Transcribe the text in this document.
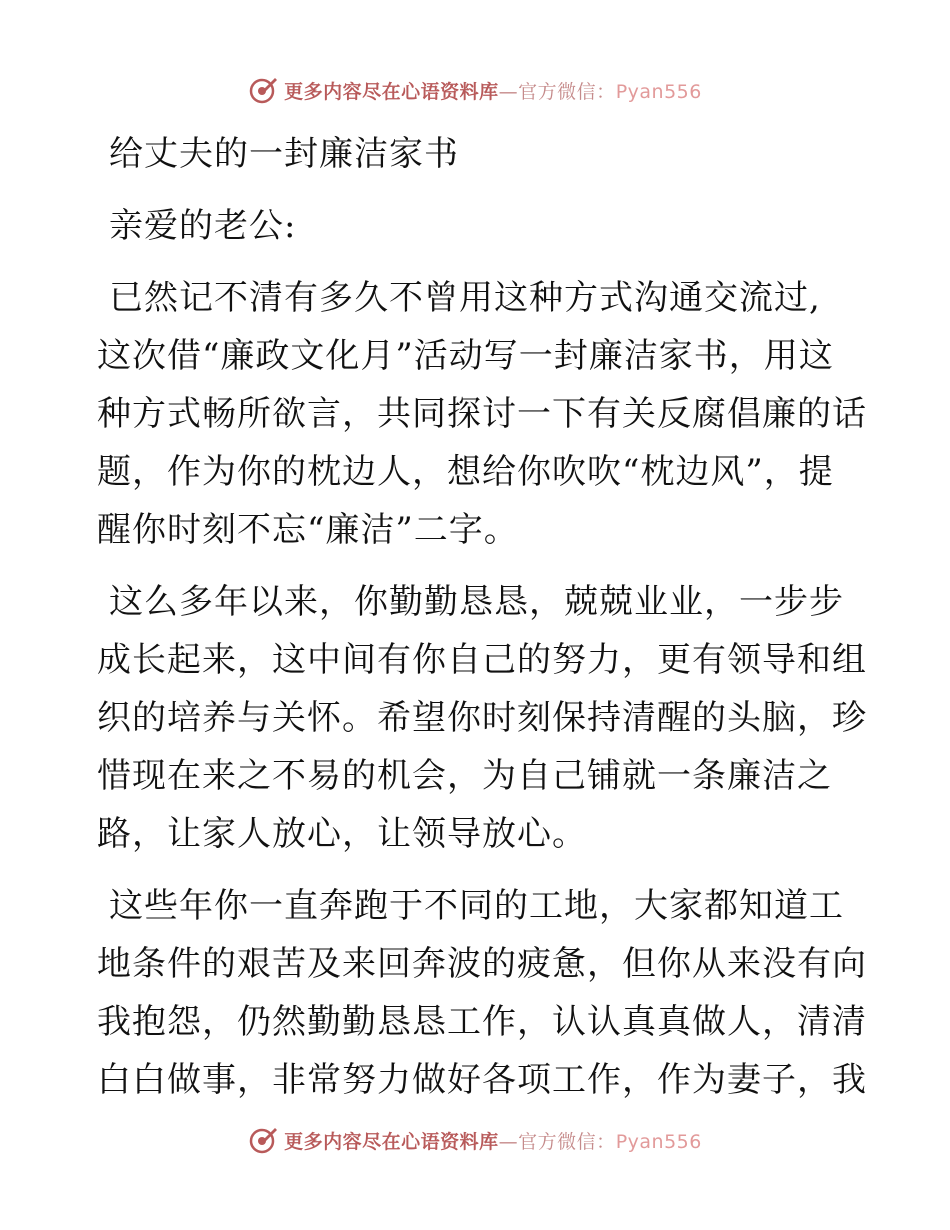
更多内容尽在心语资料库—官方微信：Pyan556
给丈夫的一封廉洁家书
亲爱的老公:
已然记不清有多久不曾用这种方式沟通交流过,
这次借“廉政文化月”活动写一封廉洁家书，用这
种方式畅所欲言，共同探讨一下有关反腐倡廉的话
题，作为你的枕边人，想给你吹吹“枕边风”，提
醒你时刻不忘“廉洁”二字。
这么多年以来，你勤勤恳恳，兢兢业业，一步步
成长起来，这中间有你自己的努力，更有领导和组
织的培养与关怀。希望你时刻保持清醒的头脑，珍
惜现在来之不易的机会，为自己铺就一条廉洁之
路，让家人放心，让领导放心。
这些年你一直奔跑于不同的工地，大家都知道工
地条件的艰苦及来回奔波的疲惫，但你从来没有向
我抱怨，仍然勤勤恳恳工作，认认真真做人，清清
白白做事，非常努力做好各项工作，作为妻子，我
更多内容尽在心语资料库—官方微信：Pyan556
